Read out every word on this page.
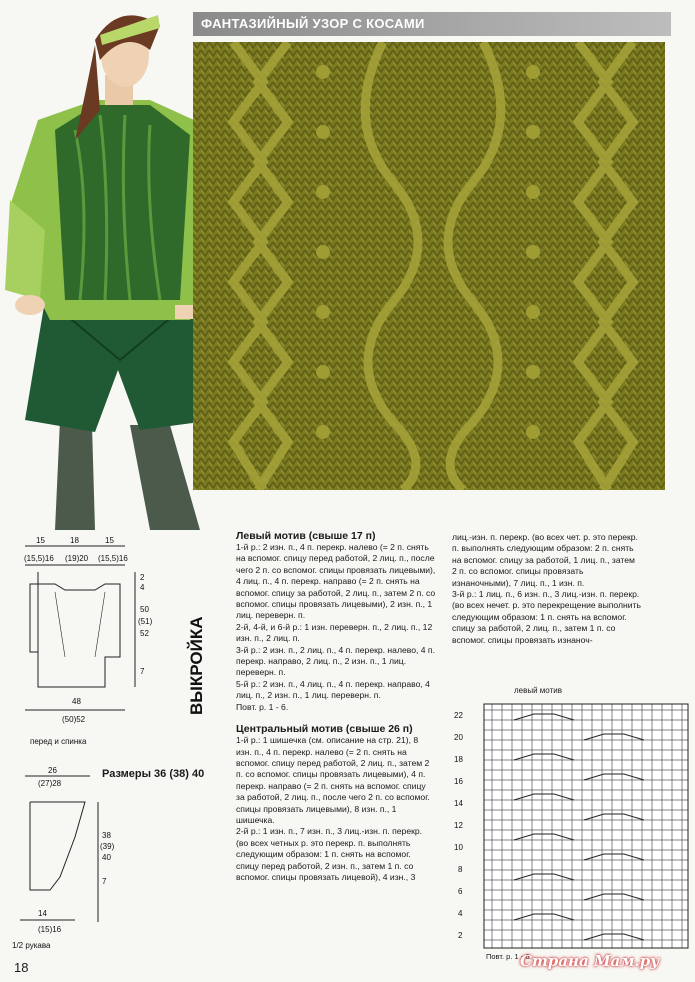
ФАНТАЗИЙНЫЙ УЗОР С КОСАМИ
15	18	15
(15,5)16 (19)20 (15,5)16
2
4
50
(51)
52
7
48
(50)52
перед и спинка
ВЫКРОЙКА
Размеры 36 (38) 40
26
(27)28
38
(39)
40
7
14
(15)16
1/2 рукава
Левый мотив (свыше 17 п)
1-й р.: 2 изн. п., 4 п. перекр. налево (= 2 п. снять на вспомог. спицу перед работой, 2 лиц. п., после чего 2 п. со вспомог. спицы провязать лицевыми), 4 лиц. п., 4 п. перекр. направо (= 2 п. снять на вспомог. спицу за работой, 2 лиц. п., затем 2 п. со вспомог. спицы провязать лицевыми), 2 изн. п., 1 лиц. переверн. п.
2-й, 4-й, и 6-й р.: 1 изн. переверн. п., 2 лиц. п., 12 изн. п., 2 лиц. п.
3-й р.: 2 изн. п., 2 лиц. п., 4 п. перекр. налево, 4 п. перекр. направо, 2 лиц. п., 2 изн. п., 1 лиц. переверн. п.
5-й р.: 2 изн. п., 4 лиц. п., 4 п. перекр. направо, 4 лиц. п., 2 изн. п., 1 лиц. переверн. п.
Повт. р. 1 - 6.
Центральный мотив (свыше 26 п)
1-й р.: 1 шишечка (см. описание на стр. 21), 8 изн. п., 4 п. перекр. налево (= 2 п. снять на вспомог. спицу перед работой, 2 лиц. п., затем 2 п. со вспомог. спицы провязать лицевыми), 4 п. перекр. направо (= 2 п. снять на вспомог. спицу за работой, 2 лиц. п., после чего 2 п. со вспомог. спицы провязать лицевыми), 8 изн. п., 1 шишечка.
2-й р.: 1 изн. п., 7 изн. п., 3 лиц.-изн. п. перекр. (во всех четных р. это перекр. п. выполнять следующим образом: 1 п. снять на вспомог. спицу перед работой, 2 изн. п., затем 1 п. со вспомог. спицы провязать лицевой), 4 изн., 3
лиц.-изн. п. перекр. (во всех чет. р. это перекр. п. выполнять следующим образом: 2 п. снять на вспомог. спицу за работой, 1 лиц. п., затем 2 п. со вспомог. спицы провязать изнаночными), 7 лиц. п., 1 изн. п.
3-й р.: 1 лиц. п., 6 изн. п., 3 лиц.-изн. п. перекр. (во всех нечет. р. это перекрещение выполнить следующим образом: 1 п. снять на вспомог. спицу за работой, 2 лиц. п., затем 1 п. со вспомог. спицы провязать изнаноч-
левый мотив
22
20
18
16
14
12
10
8
6
4
2
Повт. р. 1 - 6.
18	Страна Мам.ру
